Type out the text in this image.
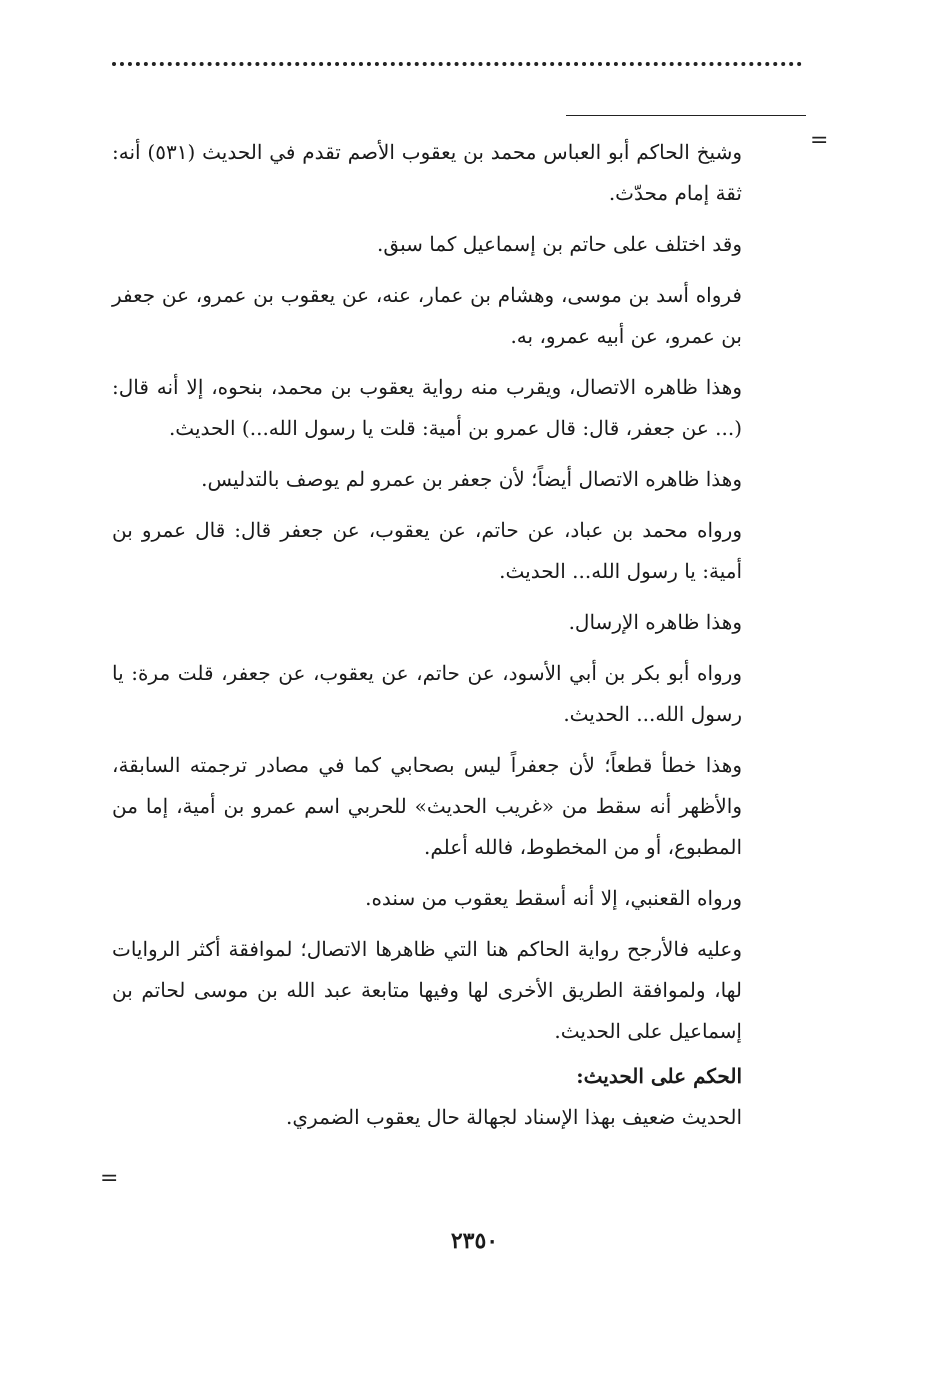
=

وشيخ الحاكم أبو العباس محمد بن يعقوب الأصم تقدم في الحديث (٥٣١) أنه: ثقة إمام محدّث.

وقد اختلف على حاتم بن إسماعيل كما سبق.

فرواه أسد بن موسى، وهشام بن عمار، عنه، عن يعقوب بن عمرو، عن جعفر بن عمرو، عن أبيه عمرو، به.

وهذا ظاهره الاتصال، ويقرب منه رواية يعقوب بن محمد، بنحوه، إلا أنه قال: (... عن جعفر، قال: قال عمرو بن أمية: قلت يا رسول الله...) الحديث.

وهذا ظاهره الاتصال أيضاً؛ لأن جعفر بن عمرو لم يوصف بالتدليس.

ورواه محمد بن عباد، عن حاتم، عن يعقوب، عن جعفر قال: قال عمرو بن أمية: يا رسول الله... الحديث.

وهذا ظاهره الإرسال.

ورواه أبو بكر بن أبي الأسود، عن حاتم، عن يعقوب، عن جعفر، قلت مرة: يا رسول الله... الحديث.

وهذا خطأ قطعاً؛ لأن جعفراً ليس بصحابي كما في مصادر ترجمته السابقة، والأظهر أنه سقط من «غريب الحديث» للحربي اسم عمرو بن أمية، إما من المطبوع، أو من المخطوط، فالله أعلم.

ورواه القعنبي، إلا أنه أسقط يعقوب من سنده.

وعليه فالأرجح رواية الحاكم هنا التي ظاهرها الاتصال؛ لموافقة أكثر الروايات لها، ولموافقة الطريق الأخرى لها وفيها متابعة عبد الله بن موسى لحاتم بن إسماعيل على الحديث.

الحكم على الحديث:

الحديث ضعيف بهذا الإسناد لجهالة حال يعقوب الضمري.

=
٢٣٥٠
